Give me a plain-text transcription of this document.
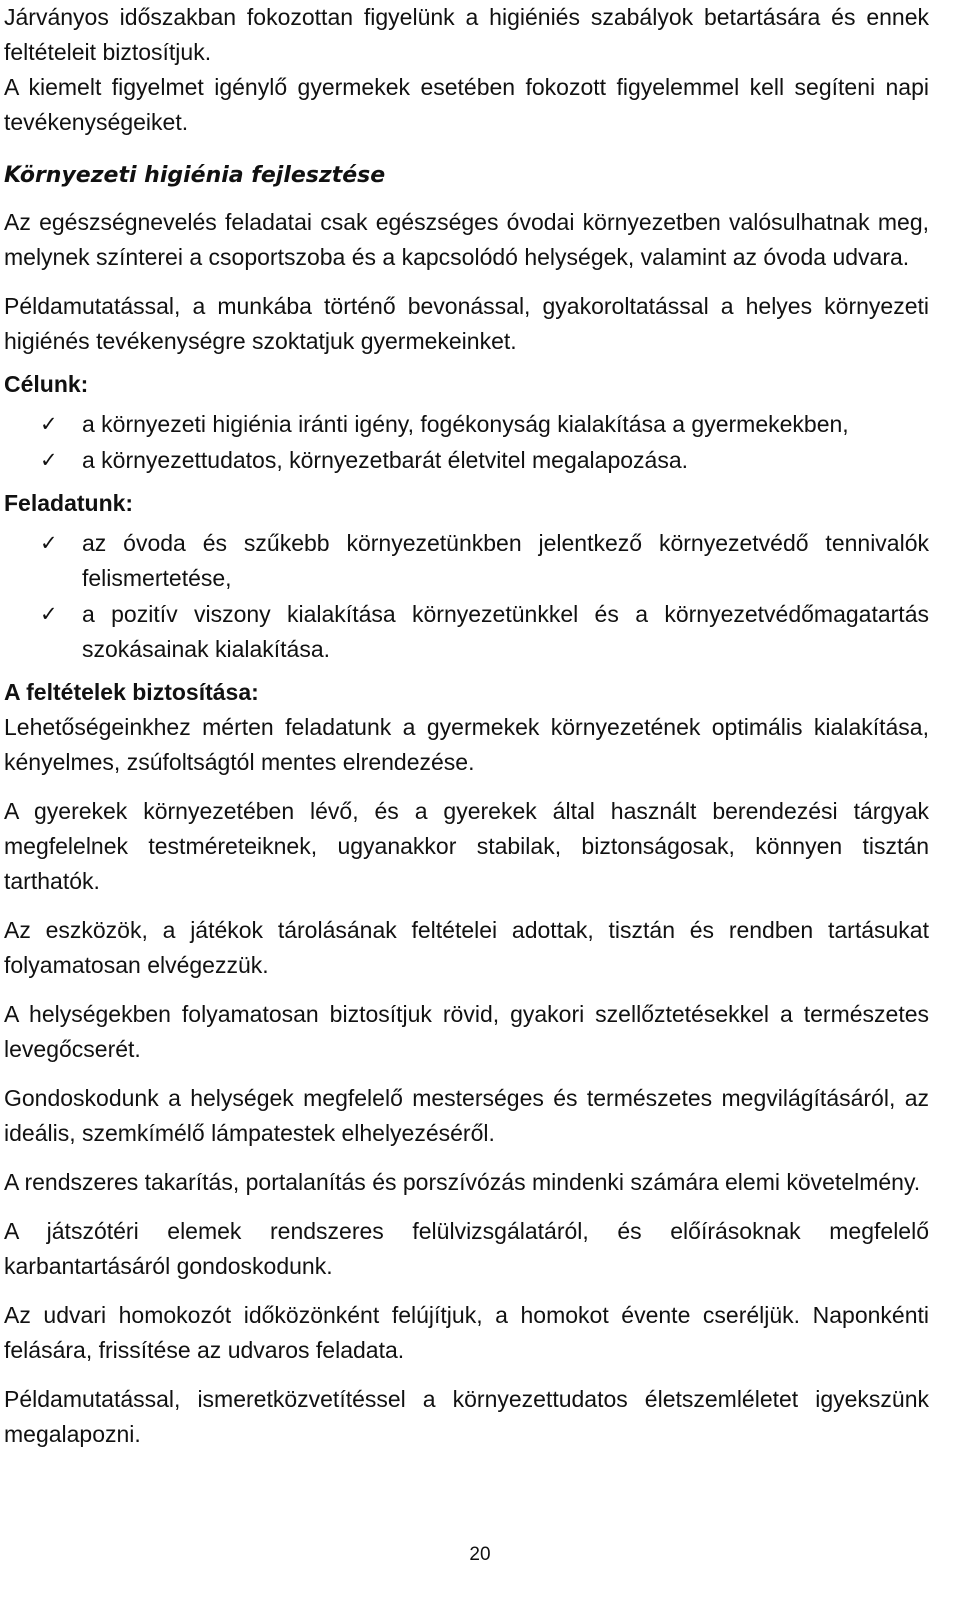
Járványos időszakban fokozottan figyelünk a higiéniés szabályok betartására és ennek feltételeit biztosítjuk.

A kiemelt figyelmet igénylő gyermekek esetében fokozott figyelemmel kell segíteni napi tevékenységeiket.

Környezeti higiénia fejlesztése

Az egészségnevelés feladatai csak egészséges óvodai környezetben valósulhatnak meg, melynek színterei a csoportszoba és a kapcsolódó helységek, valamint az óvoda udvara.

Példamutatással, a munkába történő bevonással, gyakoroltatással a helyes környezeti higiénés tevékenységre szoktatjuk gyermekeinket.

Célunk:
✓ a környezeti higiénia iránti igény, fogékonyság kialakítása a gyermekekben,
✓ a környezettudatos, környezetbarát életvitel megalapozása.
Feladatunk:
✓ az óvoda és szűkebb környezetünkben jelentkező környezetvédő tennivalók felismertetése,
✓ a pozitív viszony kialakítása környezetünkkel és a környezetvédőmagatartás szokásainak kialakítása.
A feltételek biztosítása:

Lehetőségeinkhez mérten feladatunk a gyermekek környezetének optimális kialakítása, kényelmes, zsúfoltságtól mentes elrendezése.

A gyerekek környezetében lévő, és a gyerekek által használt berendezési tárgyak megfelelnek testméreteiknek, ugyanakkor stabilak, biztonságosak, könnyen tisztán tarthatók.

Az eszközök, a játékok tárolásának feltételei adottak, tisztán és rendben tartásukat folyamatosan elvégezzük.

A helységekben folyamatosan biztosítjuk rövid, gyakori szellőztetésekkel a természetes levegőcserét.

Gondoskodunk a helységek megfelelő mesterséges és természetes megvilágításáról, az ideális, szemkímélő lámpatestek elhelyezéséről.

A rendszeres takarítás, portalanítás és porszívózás mindenki számára elemi követelmény.

A játszótéri elemek rendszeres felülvizsgálatáról, és előírásoknak megfelelő karbantartásáról gondoskodunk.

Az udvari homokozót időközönként felújítjuk, a homokot évente cseréljük. Naponkénti felására, frissítése az udvaros feladata.

Példamutatással, ismeretközvetítéssel a környezettudatos életszemléletet igyekszünk megalapozni.

20
